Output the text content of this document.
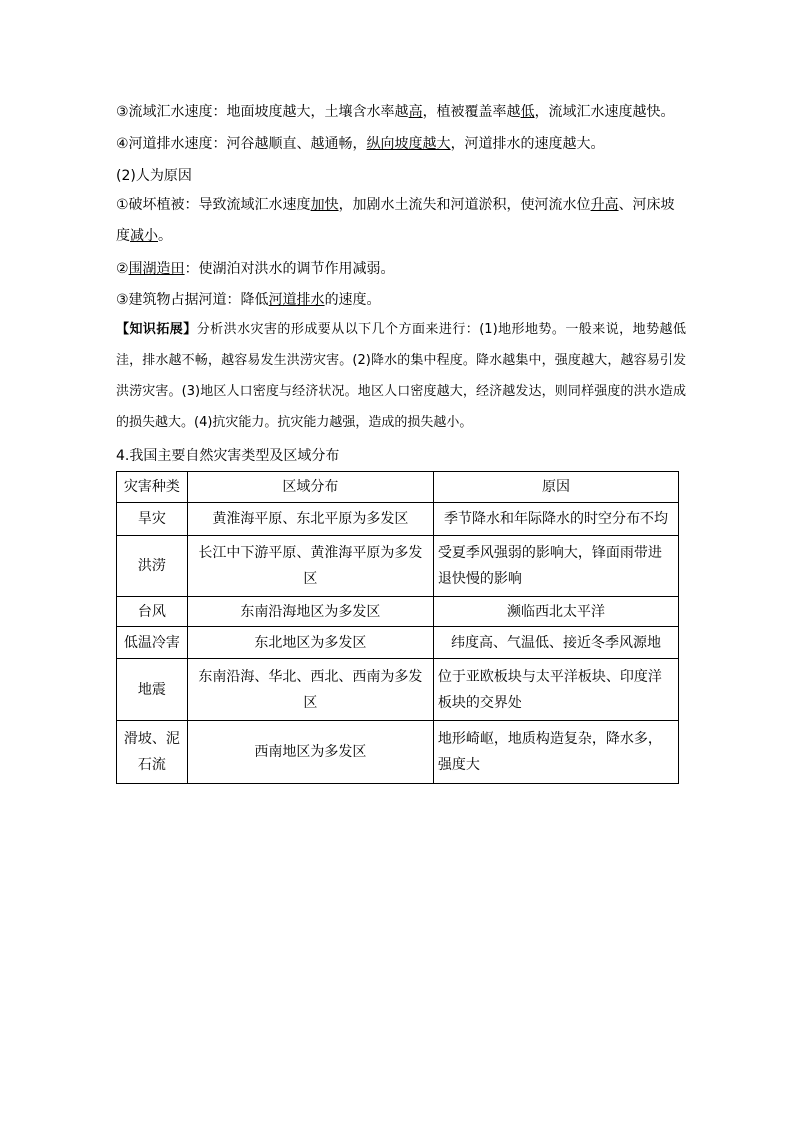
③流域汇水速度：地面坡度越大，土壤含水率越高，植被覆盖率越低，流域汇水速度越快。
④河道排水速度：河谷越顺直、越通畅，纵向坡度越大，河道排水的速度越大。
(2)人为原因
①破坏植被：导致流域汇水速度加快，加剧水土流失和河道淤积，使河流水位升高、河床坡度减小。
②围湖造田：使湖泊对洪水的调节作用减弱。
③建筑物占据河道：降低河道排水的速度。
【知识拓展】分析洪水灾害的形成要从以下几个方面来进行：(1)地形地势。一般来说，地势越低洼，排水越不畅，越容易发生洪涝灾害。(2)降水的集中程度。降水越集中，强度越大，越容易引发洪涝灾害。(3)地区人口密度与经济状况。地区人口密度越大，经济越发达，则同样强度的洪水造成的损失越大。(4)抗灾能力。抗灾能力越强，造成的损失越小。
4.我国主要自然灾害类型及区域分布
灾害种类	区域分布	原因
旱灾	黄淮海平原、东北平原为多发区	季节降水和年际降水的时空分布不均
洪涝	长江中下游平原、黄淮海平原为多发区	受夏季风强弱的影响大，锋面雨带进退快慢的影响
台风	东南沿海地区为多发区	濒临西北太平洋
低温冷害	东北地区为多发区	纬度高、气温低、接近冬季风源地
地震	东南沿海、华北、西北、西南为多发区	位于亚欧板块与太平洋板块、印度洋板块的交界处
滑坡、泥石流	西南地区为多发区	地形崎岖，地质构造复杂，降水多，强度大
